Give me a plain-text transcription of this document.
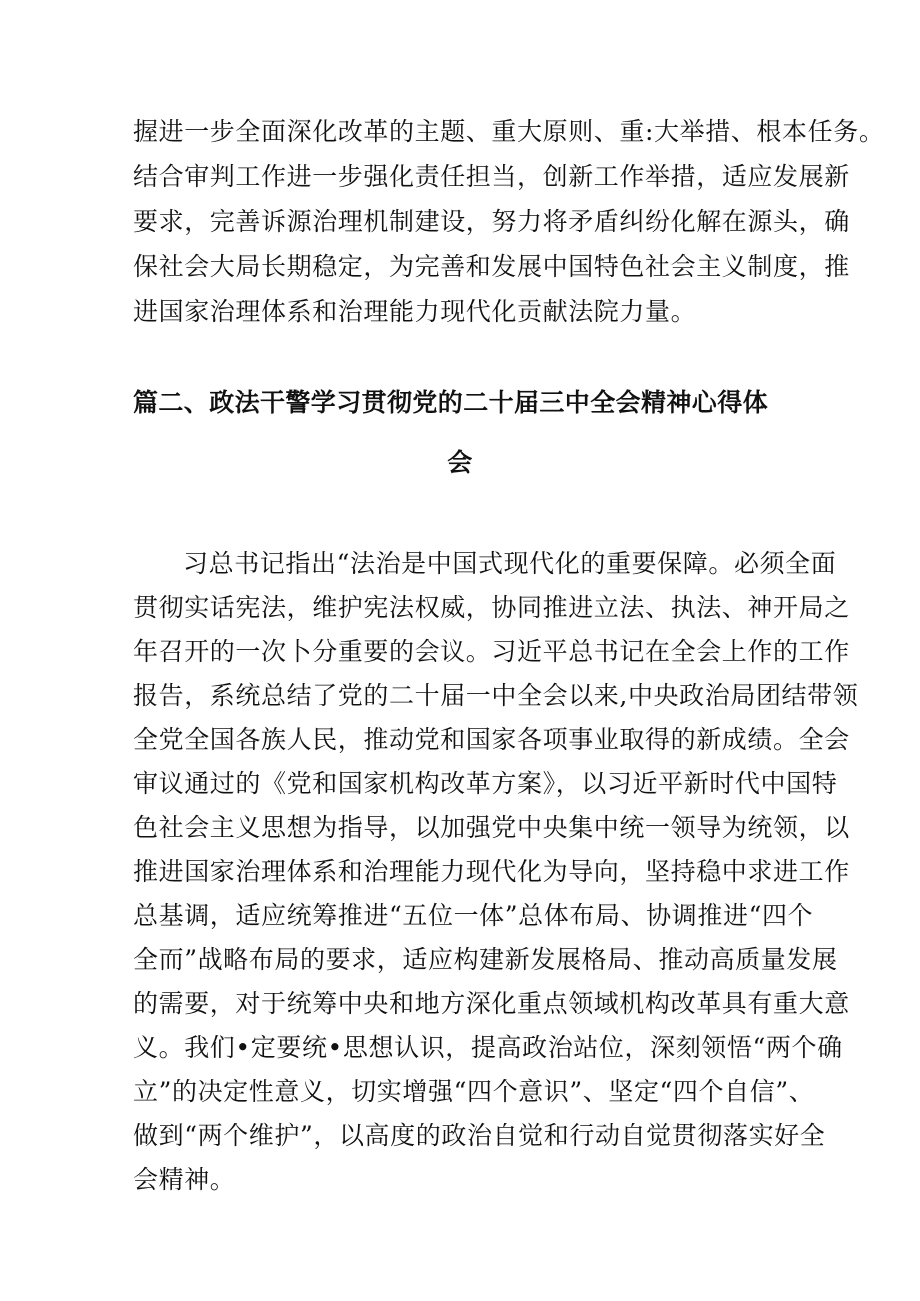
握进一步全面深化改革的主题、重大原则、重:大举措、根本任务。
结合审判工作进一步强化责任担当，创新工作举措，适应发展新
要求，完善诉源治理机制建设，努力将矛盾纠纷化解在源头，确
保社会大局长期稳定，为完善和发展中国特色社会主义制度，推
进国家治理体系和治理能力现代化贡献法院力量。
篇二、政法干警学习贯彻党的二十届三中全会精神心得体
会
习总书记指出“法治是中国式现代化的重要保障。必须全面
贯彻实话宪法，维护宪法权威，协同推进立法、执法、神开局之
年召开的一次卜分重要的会议。习近平总书记在全会上作的工作
报告，系统总结了党的二十届一中全会以来,中央政治局团结带领
全党全国各族人民，推动党和国家各项事业取得的新成绩。全会
审议通过的《党和国家机构改革方案》，以习近平新时代中国特
色社会主义思想为指导，以加强党中央集中统一领导为统领，以
推进国家治理体系和治理能力现代化为导向，坚持稳中求进工作
总基调，适应统筹推进“五位一体”总体布局、协调推进“四个
全而”战略布局的要求，适应构建新发展格局、推动高质量发展
的需要，对于统筹中央和地方深化重点领域机构改革具有重大意
义。我们•定要统•思想认识，提高政治站位，深刻领悟“两个确
立”的决定性意义，切实增强“四个意识”、坚定“四个自信”、
做到“两个维护”，以高度的政治自觉和行动自觉贯彻落实好全
会精神。
